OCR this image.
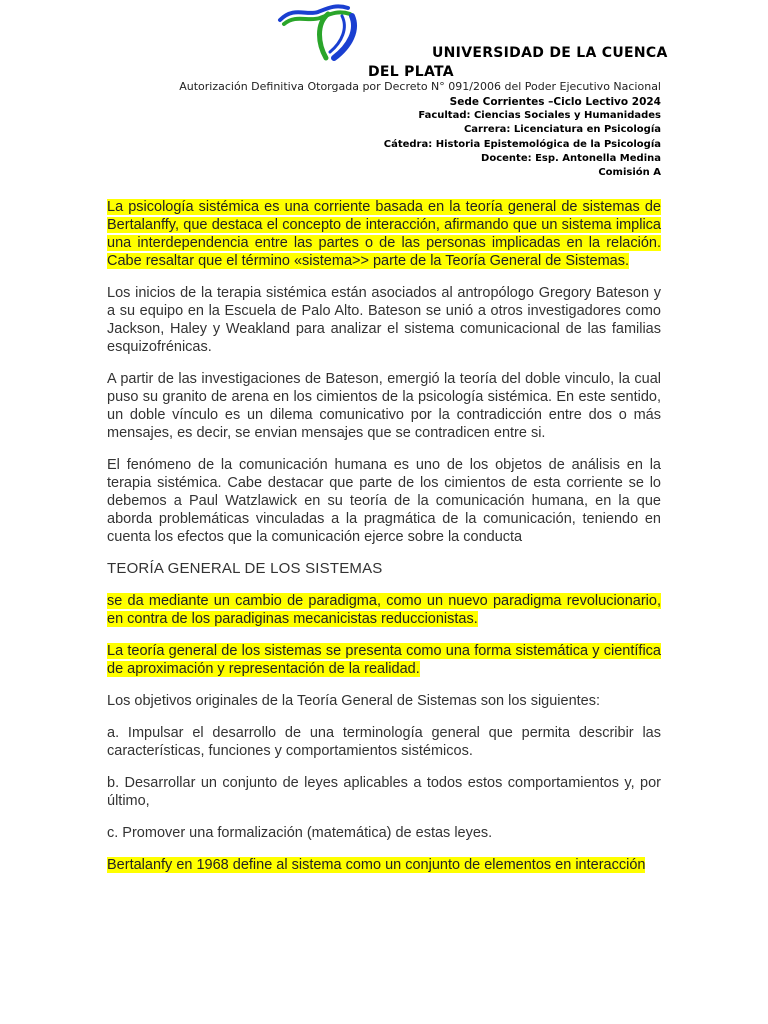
UNIVERSIDAD DE LA CUENCA DEL PLATA
Autorización Definitiva Otorgada por Decreto N° 091/2006 del Poder Ejecutivo Nacional
Sede Corrientes –Ciclo Lectivo 2024
Facultad: Ciencias Sociales y Humanidades
Carrera: Licenciatura en Psicología
Cátedra: Historia Epistemológica de la Psicología
Docente: Esp. Antonella Medina
Comisión A

La psicología sistémica es una corriente basada en la teoría general de sistemas de Bertalanffy, que destaca el concepto de interacción, afirmando que un sistema implica una interdependencia entre las partes o de las personas implicadas en la relación. Cabe resaltar que el término «sistema>> parte de la Teoría General de Sistemas.

Los inicios de la terapia sistémica están asociados al antropólogo Gregory Bateson y a su equipo en la Escuela de Palo Alto. Bateson se unió a otros investigadores como Jackson, Haley y Weakland para analizar el sistema comunicacional de las familias esquizofrénicas.

A partir de las investigaciones de Bateson, emergió la teoría del doble vinculo, la cual puso su granito de arena en los cimientos de la psicología sistémica. En este sentido, un doble vínculo es un dilema comunicativo por la contradicción entre dos o más mensajes, es decir, se envian mensajes que se contradicen entre si.

El fenómeno de la comunicación humana es uno de los objetos de análisis en la terapia sistémica. Cabe destacar que parte de los cimientos de esta corriente se lo debemos a Paul Watzlawick en su teoría de la comunicación humana, en la que aborda problemáticas vinculadas a la pragmática de la comunicación, teniendo en cuenta los efectos que la comunicación ejerce sobre la conducta

TEORÍA GENERAL DE LOS SISTEMAS

se da mediante un cambio de paradigma, como un nuevo paradigma revolucionario, en contra de los paradiginas mecanicistas reduccionistas.

La teoría general de los sistemas se presenta como una forma sistemática y científica de aproximación y representación de la realidad.

Los objetivos originales de la Teoría General de Sistemas son los siguientes:

a. Impulsar el desarrollo de una terminología general que permita describir las características, funciones y comportamientos sistémicos.

b. Desarrollar un conjunto de leyes aplicables a todos estos comportamientos y, por último,

c. Promover una formalización (matemática) de estas leyes.

Bertalanfy en 1968 define al sistema como un conjunto de elementos en interacción
